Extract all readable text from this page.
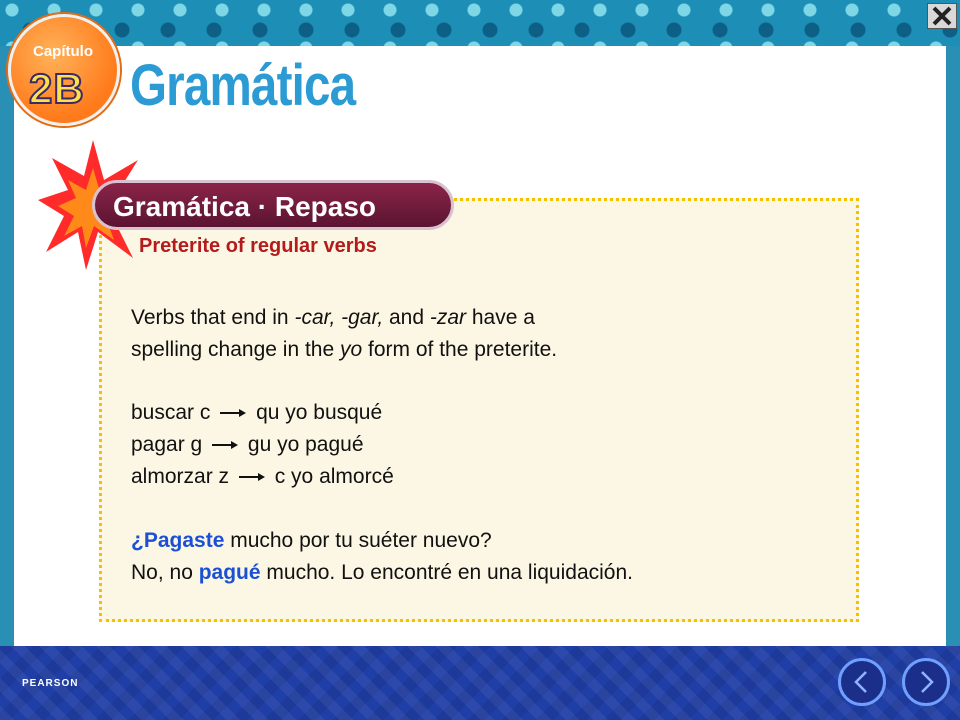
Capítulo
2B Gramática
Gramática · Repaso
Preterite of regular verbs
Verbs that end in -car, -gar, and -zar have a
spelling change in the yo form of the preterite.
buscar c qu yo busqué
pagar g gu yo pagué
almorzar z c yo almorcé
¿Pagaste mucho por tu suéter nuevo?
No, no pagué mucho. Lo encontré en una liquidación.
PEARSON
